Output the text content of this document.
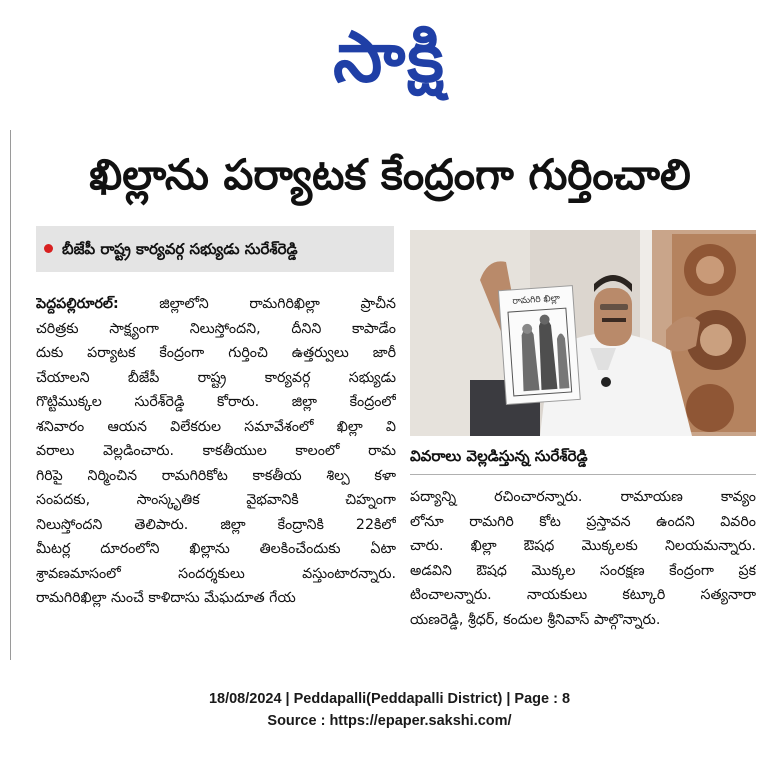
సాక్షి
ఖిల్లాను పర్యాటక కేంద్రంగా గుర్తించాలి
బీజేపీ రాష్ట్ర కార్యవర్గ సభ్యుడు సురేశ్‌రెడ్డి
పెద్దపల్లిరూరల్‌: జిల్లాలోని రామగిరిఖిల్లా ప్రాచీన
చరిత్రకు సాక్ష్యంగా నిలుస్తోందని, దీనిని కాపాడేం
దుకు పర్యాటక కేంద్రంగా గుర్తించి ఉత్తర్వులు జారీ
చేయాలని బీజేపీ రాష్ట్ర కార్యవర్గ సభ్యుడు
గొట్టిముక్కల సురేశ్‌రెడ్డి కోరారు. జిల్లా కేంద్రంలో
శనివారం ఆయన విలేకరుల సమావేశంలో ఖిల్లా వి
వరాలు వెల్లడించారు. కాకతీయుల కాలంలో రామ
గిరిపై నిర్మించిన రామగిరికోట కాకతీయ శిల్ప కళా
సంపదకు, సాంస్కృతిక వైభవానికి చిహ్నంగా
నిలుస్తోందని తెలిపారు. జిల్లా కేంద్రానికి 22కిలో
మీటర్ల దూరంలోని ఖిల్లాను తిలకించేందుకు ఏటా
శ్రావణమాసంలో సందర్శకులు వస్తుంటారన్నారు.
రామగిరిఖిల్లా నుంచే కాళిదాసు మేఘదూత గేయ
రామగిరి ఖిల్లా
వివరాలు వెల్లడిస్తున్న సురేశ్‌రెడ్డి
పద్యాన్ని రచించారన్నారు. రామాయణ కావ్యం
లోనూ రామగిరి కోట ప్రస్తావన ఉందని వివరిం
చారు. ఖిల్లా ఔషధ మొక్కలకు నిలయమన్నారు.
అడవిని ఔషధ మొక్కల సంరక్షణ కేంద్రంగా ప్రక
టించాలన్నారు. నాయకులు కట్కూరి సత్యనారా
యణరెడ్డి, శ్రీధర్‌, కందుల శ్రీనివాస్‌ పాల్గొన్నారు.
18/08/2024 | Peddapalli(Peddapalli District) | Page : 8
Source : https://epaper.sakshi.com/
